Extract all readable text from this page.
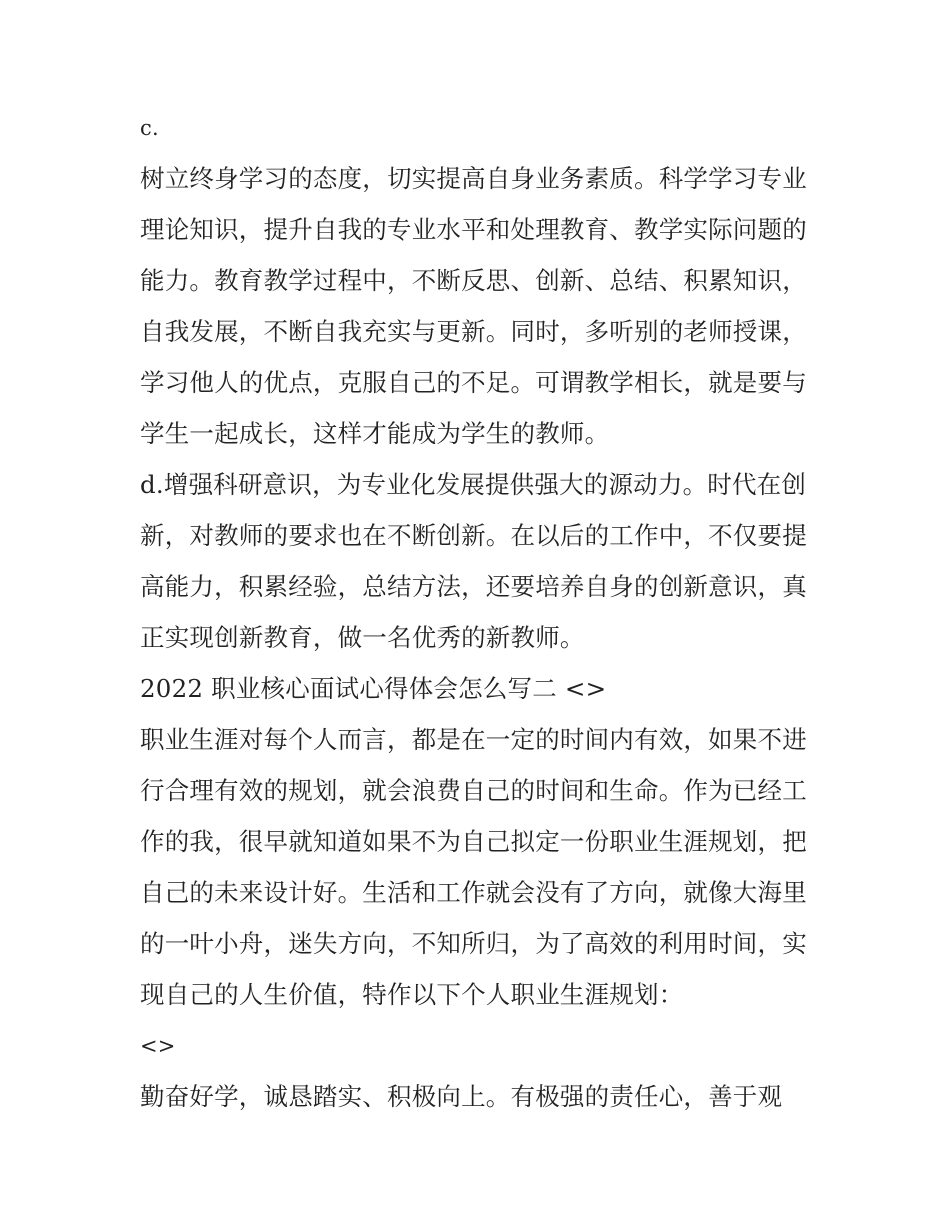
c.
树立终身学习的态度，切实提高自身业务素质。科学学习专业
理论知识，提升自我的专业水平和处理教育、教学实际问题的
能力。教育教学过程中，不断反思、创新、总结、积累知识，
自我发展，不断自我充实与更新。同时，多听别的老师授课，
学习他人的优点，克服自己的不足。可谓教学相长，就是要与
学生一起成长，这样才能成为学生的教师。
d.增强科研意识，为专业化发展提供强大的源动力。时代在创
新，对教师的要求也在不断创新。在以后的工作中，不仅要提
高能力，积累经验，总结方法，还要培养自身的创新意识，真
正实现创新教育，做一名优秀的新教师。
2022 职业核心面试心得体会怎么写二 <>
职业生涯对每个人而言，都是在一定的时间内有效，如果不进
行合理有效的规划，就会浪费自己的时间和生命。作为已经工
作的我，很早就知道如果不为自己拟定一份职业生涯规划，把
自己的未来设计好。生活和工作就会没有了方向，就像大海里
的一叶小舟，迷失方向，不知所归，为了高效的利用时间，实
现自己的人生价值，特作以下个人职业生涯规划：
<>
勤奋好学，诚恳踏实、积极向上。有极强的责任心，善于观
